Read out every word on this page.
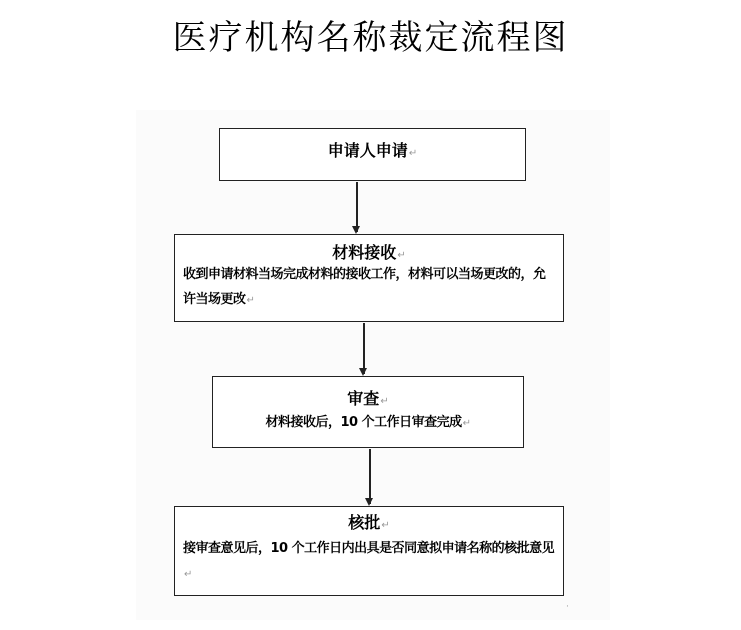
医疗机构名称裁定流程图
申请人申请↵
材料接收↵
收到申请材料当场完成材料的接收工作，材料可以当场更改的，允许当场更改↵
审查↵
材料接收后，10 个工作日审查完成↵
核批↵
接审查意见后，10 个工作日内出具是否同意拟申请名称的核批意见↵
·
